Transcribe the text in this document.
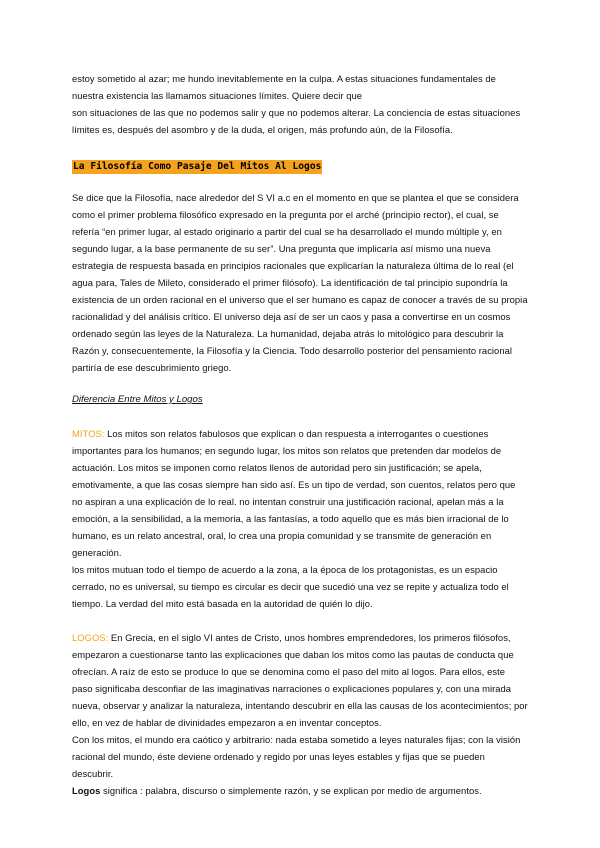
estoy sometido al azar; me hundo inevitablemente en la culpa. A estas situaciones fundamentales de nuestra existencia las llamamos situaciones límites. Quiere decir que

son situaciones de las que no podemos salir y que no podemos alterar. La conciencia de estas situaciones límites es, después del asombro y de la duda, el origen, más profundo aún, de la Filosofía.

La Filosofía Como Pasaje Del Mitos Al Logos

Se dice que la Filosofía, nace alrededor del S VI a.c en el momento en que se plantea el que se considera como el primer problema filosófico expresado en la pregunta por el arché (principio rector), el cual, se refería “en primer lugar, al estado originario a partir del cual se ha desarrollado el mundo múltiple y, en segundo lugar, a la base permanente de su ser”. Una pregunta que implicaría así mismo una nueva estrategia de respuesta basada en principios racionales que explicarían la naturaleza última de lo real (el agua para, Tales de Mileto, considerado el primer filósofo). La identificación de tal principio supondría la existencia de un orden racional en el universo que el ser humano es capaz de conocer a través de su propia racionalidad y del análisis crítico. El universo deja así de ser un caos y pasa a convertirse en un cosmos ordenado según las leyes de la Naturaleza. La humanidad, dejaba atrás lo mitológico para descubrir la Razón y, consecuentemente, la Filosofía y la Ciencia. Todo desarrollo posterior del pensamiento racional partiría de ese descubrimiento griego.

Diferencia Entre Mitos y Logos

MITOS: Los mitos son relatos fabulosos que explican o dan respuesta a interrogantes o cuestiones importantes para los humanos; en segundo lugar, los mitos son relatos que pretenden dar modelos de actuación. Los mitos se imponen como relatos llenos de autoridad pero sin justificación; se apela, emotivamente, a que las cosas siempre han sido así. Es un tipo de verdad, son cuentos, relatos pero que no aspiran a una explicación de lo real. no intentan construir una justificación racional, apelan más a la emoción, a la sensibilidad, a la memoria, a las fantasías, a todo aquello que es más bien irracional de lo humano, es un relato ancestral, oral, lo crea una propia comunidad y se transmite de generación en generación.

los mitos mutuan todo el tiempo de acuerdo a la zona, a la época de los protagonistas, es un espacio cerrado, no es universal, su tiempo es circular es decir que sucedió una vez se repite y actualiza todo el tiempo. La verdad del mito está basada en la autoridad de quién lo dijo.

LOGOS: En Grecia, en el siglo VI antes de Cristo, unos hombres emprendedores, los primeros filósofos, empezaron a cuestionarse tanto las explicaciones que daban los mitos como las pautas de conducta que ofrecían. A raíz de esto se produce lo que se denomina como el paso del mito al logos. Para ellos, este paso significaba desconfiar de las imaginativas narraciones o explicaciones populares y, con una mirada nueva, observar y analizar la naturaleza, intentando descubrir en ella las causas de los acontecimientos; por ello, en vez de hablar de divinidades empezaron a en inventar conceptos.

Con los mitos, el mundo era caótico y arbitrario: nada estaba sometido a leyes naturales fijas; con la visión racional del mundo, éste deviene ordenado y regido por unas leyes estables y fijas que se pueden descubrir.

Logos significa : palabra, discurso o simplemente razón, y se explican por medio de argumentos.
